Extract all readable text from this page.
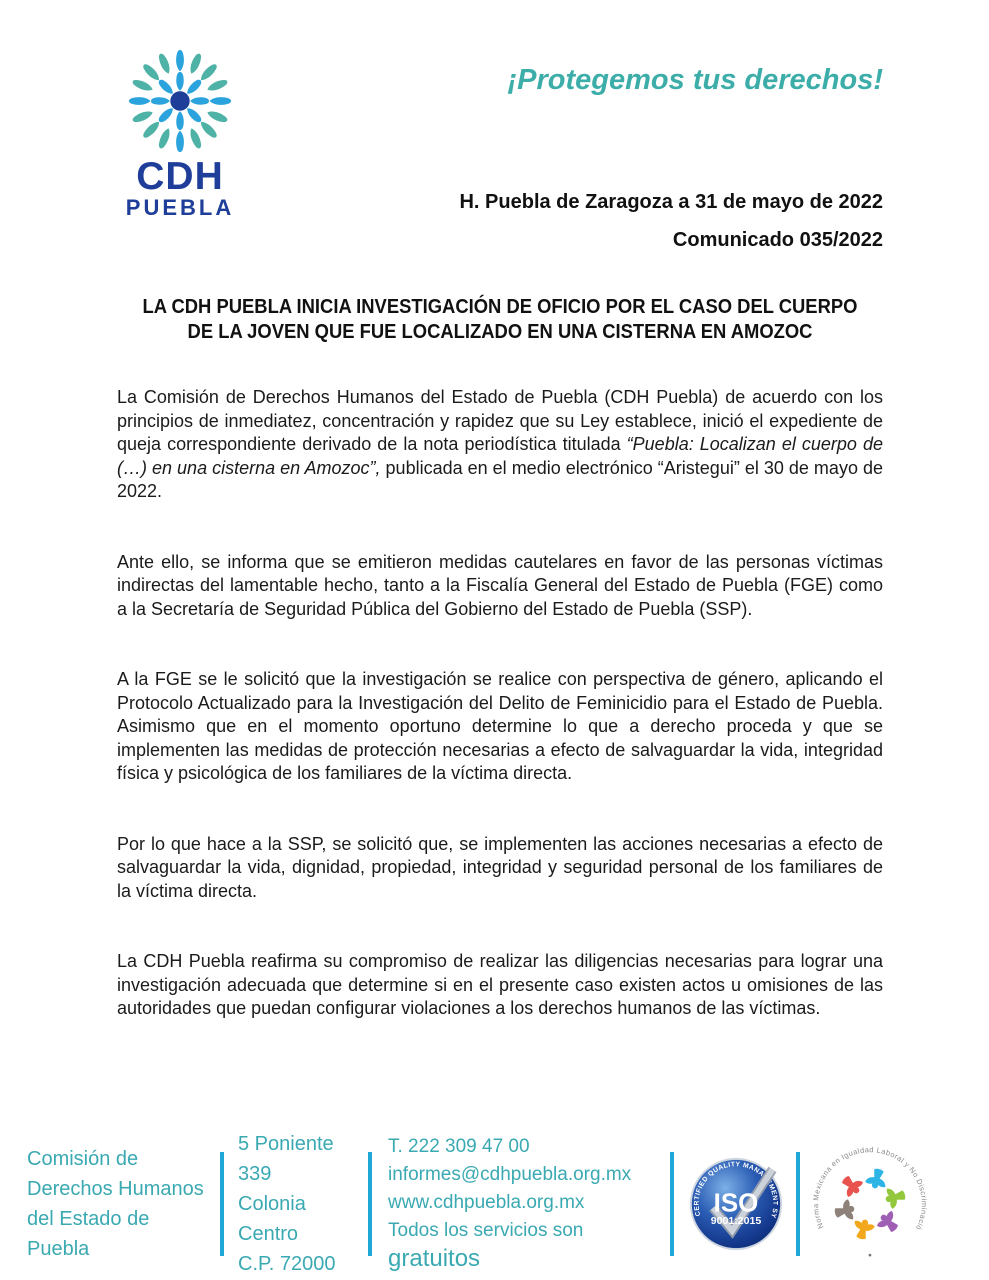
CDH
PUEBLA
¡Protegemos tus derechos!
H. Puebla de Zaragoza a 31 de mayo de 2022
Comunicado 035/2022
LA CDH PUEBLA INICIA INVESTIGACIÓN DE OFICIO POR EL CASO DEL CUERPO
DE LA JOVEN QUE FUE LOCALIZADO EN UNA CISTERNA EN AMOZOC

La Comisión de Derechos Humanos del Estado de Puebla (CDH Puebla) de acuerdo con los principios de inmediatez, concentración y rapidez que su Ley establece, inició el expediente de queja correspondiente derivado de la nota periodística titulada “Puebla: Localizan el cuerpo de (…) en una cisterna en Amozoc”, publicada en el medio electrónico “Aristegui” el 30 de mayo de 2022.

Ante ello, se informa que se emitieron medidas cautelares en favor de las personas víctimas indirectas del lamentable hecho, tanto a la Fiscalía General del Estado de Puebla (FGE) como a la Secretaría de Seguridad Pública del Gobierno del Estado de Puebla (SSP).

A la FGE se le solicitó que la investigación se realice con perspectiva de género, aplicando el Protocolo Actualizado para la Investigación del Delito de Feminicidio para el Estado de Puebla. Asimismo que en el momento oportuno determine lo que a derecho proceda y que se implementen las medidas de protección necesarias a efecto de salvaguardar la vida, integridad física y psicológica de los familiares de la víctima directa.

Por lo que hace a la SSP, se solicitó que, se implementen las acciones necesarias a efecto de salvaguardar la vida, dignidad, propiedad, integridad y seguridad personal de los familiares de la víctima directa.

La CDH Puebla reafirma su compromiso de realizar las diligencias necesarias para lograr una investigación adecuada que determine si en el presente caso existen actos u omisiones de las autoridades que puedan configurar violaciones a los derechos humanos de las víctimas.

Comisión de
Derechos Humanos
del Estado de Puebla
5 Poniente 339
Colonia Centro
C.P. 72000
T. 222 309 47 00
informes@cdhpuebla.org.mx
www.cdhpuebla.org.mx
Todos los servicios son gratuitos
CERTIFIED QUALITY MANAGEMENT SYSTEM
ISO
9001:2015	Norma Mexicana en Igualdad Laboral y No Discriminación
•
